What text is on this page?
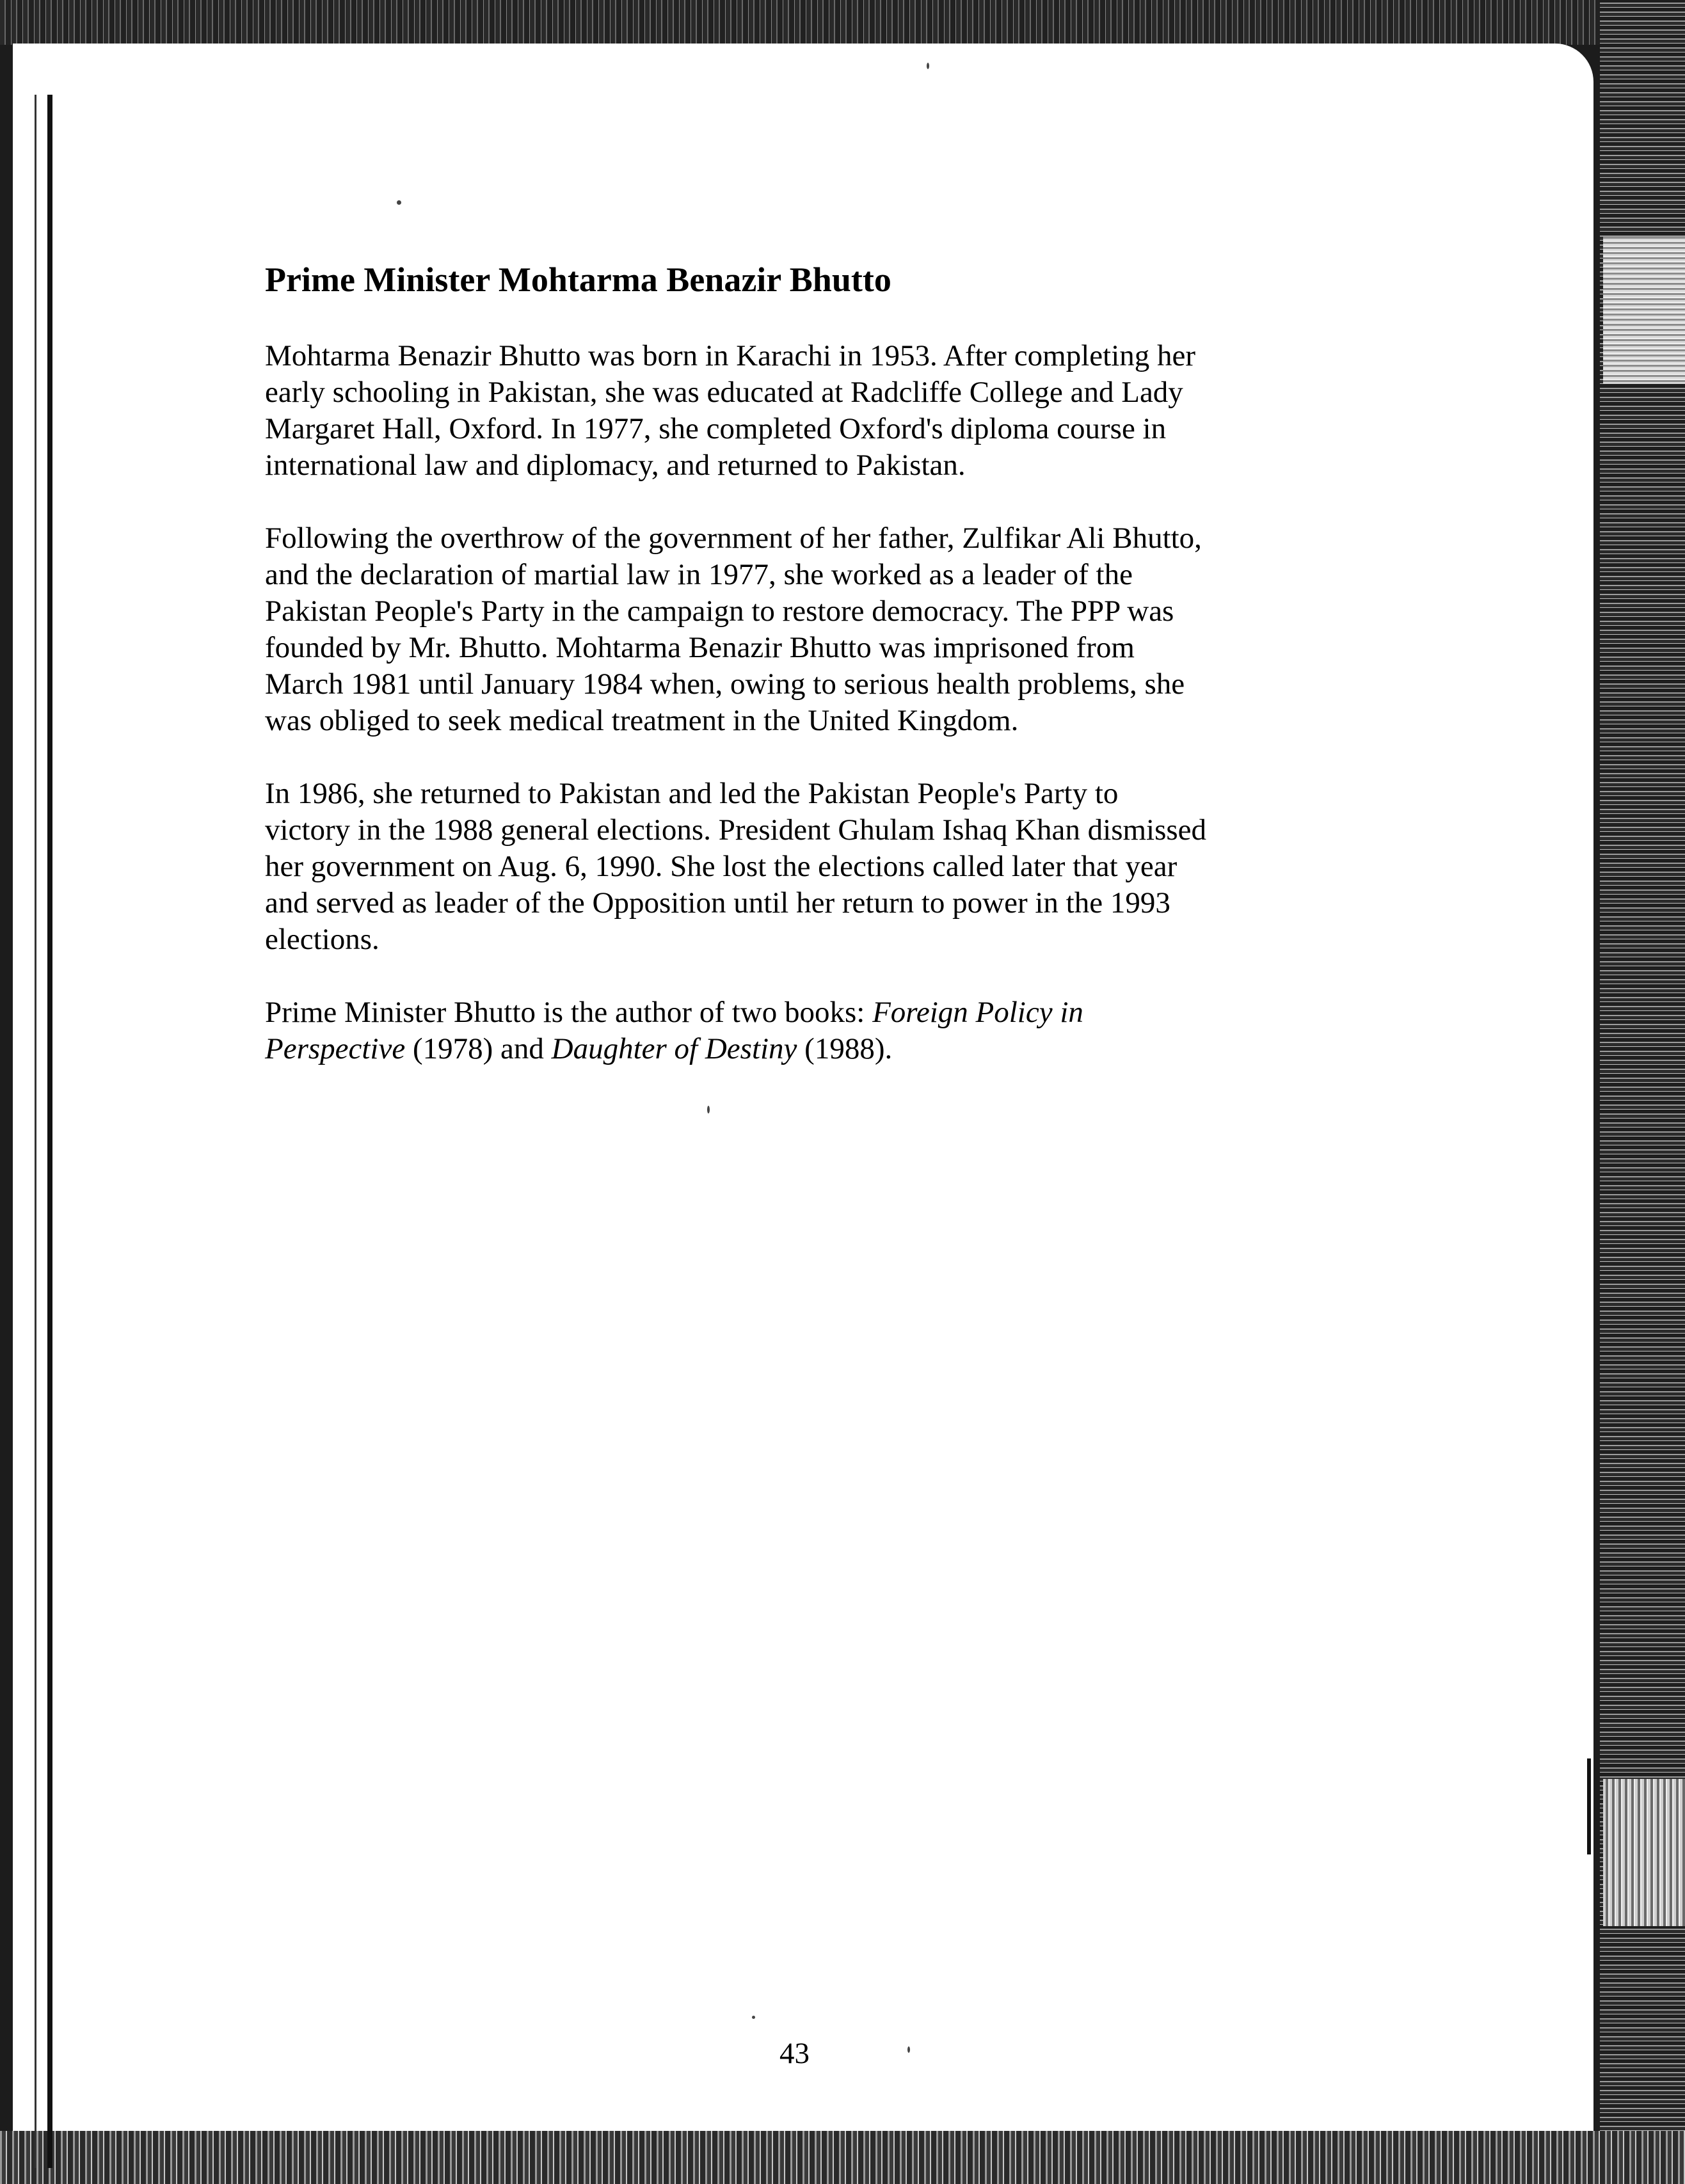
Prime Minister Mohtarma Benazir Bhutto

Mohtarma Benazir Bhutto was born in Karachi in 1953. After completing her
early schooling in Pakistan, she was educated at Radcliffe College and Lady
Margaret Hall, Oxford. In 1977, she completed Oxford's diploma course in
international law and diplomacy, and returned to Pakistan.

Following the overthrow of the government of her father, Zulfikar Ali Bhutto,
and the declaration of martial law in 1977, she worked as a leader of the
Pakistan People's Party in the campaign to restore democracy. The PPP was
founded by Mr. Bhutto. Mohtarma Benazir Bhutto was imprisoned from
March 1981 until January 1984 when, owing to serious health problems, she
was obliged to seek medical treatment in the United Kingdom.

In 1986, she returned to Pakistan and led the Pakistan People's Party to
victory in the 1988 general elections. President Ghulam Ishaq Khan dismissed
her government on Aug. 6, 1990. She lost the elections called later that year
and served as leader of the Opposition until her return to power in the 1993
elections.

Prime Minister Bhutto is the author of two books: Foreign Policy in
Perspective (1978) and Daughter of Destiny (1988).

43
